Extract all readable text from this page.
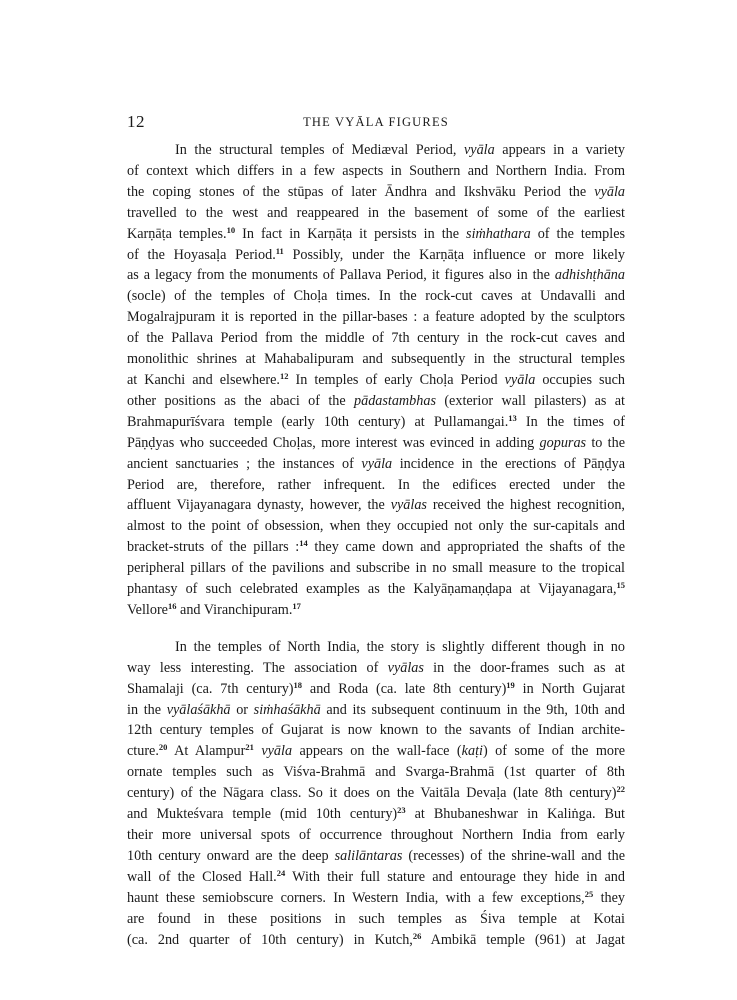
12	THE VYĀLA FIGURES
In the structural temples of Mediæval Period, vyāla appears in a variety
of context which differs in a few aspects in Southern and Northern India. From
the coping stones of the stūpas of later Āndhra and Ikshvāku Period the vyāla
travelled to the west and reappeared in the basement of some of the earliest
Karṇāṭa temples.$^{10}$ In fact in Karṇāṭa it persists in the siṁhathara of the temples
of the Hoyasaḷa Period.$^{11}$ Possibly, under the Karṇāṭa influence or more likely
as a legacy from the monuments of Pallava Period, it figures also in the adhishṭhāna
(socle) of the temples of Choḷa times. In the rock-cut caves at Undavalli and
Mogalrajpuram it is reported in the pillar-bases : a feature adopted by the sculptors
of the Pallava Period from the middle of 7th century in the rock-cut caves and
monolithic shrines at Mahabalipuram and subsequently in the structural temples
at Kanchi and elsewhere.$^{12}$ In temples of early Choḷa Period vyāla occupies such
other positions as the abaci of the pādastambhas (exterior wall pilasters) as at
Brahmapurīśvara temple (early 10th century) at Pullamangai.$^{13}$ In the times of
Pāṇḍyas who succeeded Choḷas, more interest was evinced in adding gopuras to the
ancient sanctuaries ; the instances of vyāla incidence in the erections of Pāṇḍya
Period are, therefore, rather infrequent. In the edifices erected under the
affluent Vijayanagara dynasty, however, the vyālas received the highest recognition,
almost to the point of obsession, when they occupied not only the sur-capitals and
bracket-struts of the pillars :$^{14}$ they came down and appropriated the shafts of the
peripheral pillars of the pavilions and subscribe in no small measure to the tropical
phantasy of such celebrated examples as the Kalyāṇamaṇḍapa at Vijayanagara,$^{15}$
Vellore$^{16}$ and Viranchipuram.$^{17}$
In the temples of North India, the story is slightly different though in no
way less interesting. The association of vyālas in the door-frames such as at
Shamalaji (ca. 7th century)$^{18}$ and Roda (ca. late 8th century)$^{19}$ in North Gujarat
in the vyālaśākhā or siṁhaśākhā and its subsequent continuum in the 9th, 10th and
12th century temples of Gujarat is now known to the savants of Indian archite-
cture.$^{20}$ At Alampur$^{21}$ vyāla appears on the wall-face (kaṭi) of some of the more
ornate temples such as Viśva-Brahmā and Svarga-Brahmā (1st quarter of 8th
century) of the Nāgara class. So it does on the Vaitāla Devaḷa (late 8th century)$^{22}$
and Mukteśvara temple (mid 10th century)$^{23}$ at Bhubaneshwar in Kaliṅga. But
their more universal spots of occurrence throughout Northern India from early
10th century onward are the deep salilāntaras (recesses) of the shrine-wall and the
wall of the Closed Hall.$^{24}$ With their full stature and entourage they hide in and
haunt these semiobscure corners. In Western India, with a few exceptions,$^{25}$ they
are found in these positions in such temples as Śiva temple at Kotai
(ca. 2nd quarter of 10th century) in Kutch,$^{26}$ Ambikā temple (961) at Jagat
